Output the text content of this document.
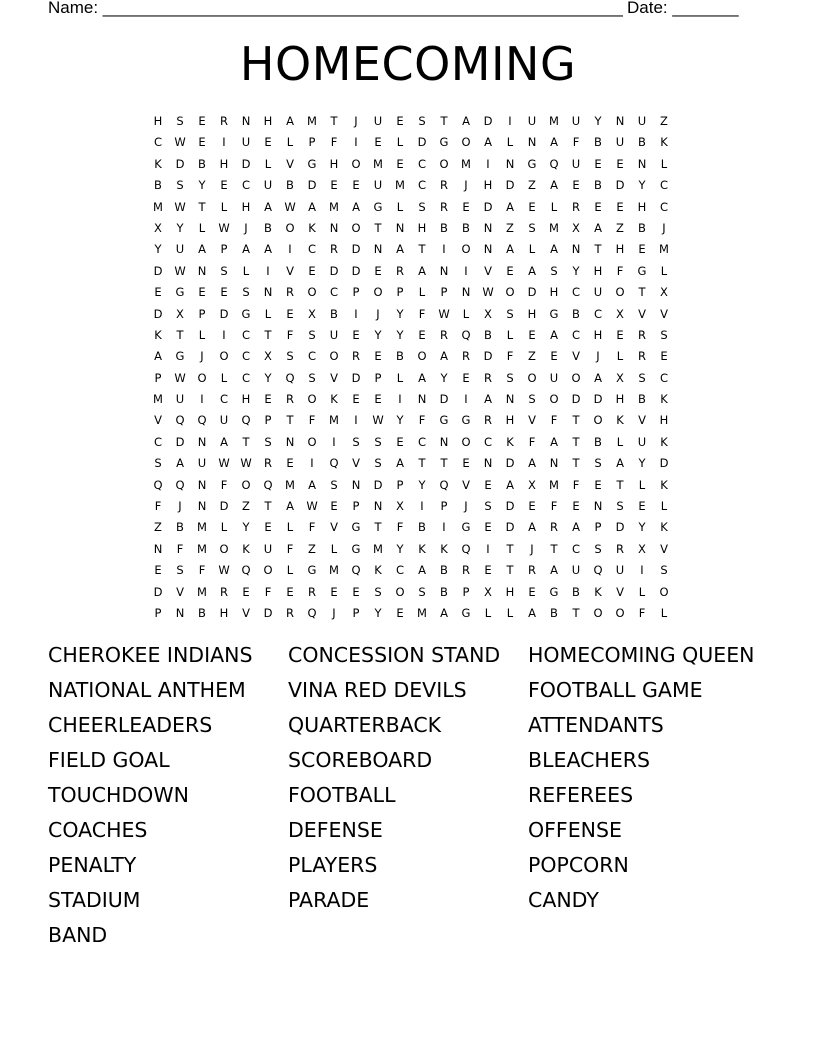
Name: _______________________________________________________ Date: _______
HOMECOMING
H	S	E	R	N	H	A	M	T	J	U	E	S	T	A	D	I	U	M	U	Y	N	U	Z
C	W	E	I	U	E	L	P	F	I	E	L	D	G	O	A	L	N	A	F	B	U	B	K
K	D	B	H	D	L	V	G	H	O	M	E	C	O	M	I	N	G	Q	U	E	E	N	L
B	S	Y	E	C	U	B	D	E	E	U	M	C	R	J	H	D	Z	A	E	B	D	Y	C
M W	T	L	H	A	W	A	M	A	G	L	S	R	E	D	A	E	L	R	E	E	H	C
X	Y	L	W	J	B	O	K	N	O	T	N	H	B	B	N	Z	S	M	X	A	Z	B	J
Y	U	A	P	A	A	I	C	R	D	N	A	T	I	O	N	A	L	A	N	T	H	E	M
D	W	N	S	L	I	V	E	D	D	E	R	A	N	I	V	E	A	S	Y	H	F	G	L
E	G	E	E	S	N	R	O	C	P	O	P	L	P	N	W	O	D	H	C	U	O	T	X
D	X	P	D	G	L	E	X	B	I	J	Y	F	W	L	X	S	H	G	B	C	X	V	V
K	T	L	I	C	T	F	S	U	E	Y	Y	E	R	Q	B	L	E	A	C	H	E	R	S
A	G	J	O	C	X	S	C	O	R	E	B	O	A	R	D	F	Z	E	V	J	L	R	E
P	W	O	L	C	Y	Q	S	V	D	P	L	A	Y	E	R	S	O	U	O	A	X	S	C
M	U	I	C	H	E	R	O	K	E	E	I	N	D	I	A	N	S	O	D	D	H	B	K
V	Q	Q	U	Q	P	T	F	M	I	W	Y	F	G	G	R	H	V	F	T	O	K	V	H
C	D	N	A	T	S	N	O	I	S	S	E	C	N	O	C	K	F	A	T	B	L	U	K
S	A	U	W W	R	E	I	Q	V	S	A	T	T	E	N	D	A	N	T	S	A	Y	D
Q	Q	N	F	O	Q	M	A	S	N	D	P	Y	Q	V	E	A	X	M	F	E	T	L	K
F	J	N	D	Z	T	A	W	E	P	N	X	I	P	J	S	D	E	F	E	N	S	E	L
Z	B	M	L	Y	E	L	F	V	G	T	F	B	I	G	E	D	A	R	A	P	D	Y	K
N	F	M	O	K	U	F	Z	L	G	M	Y	K	K	Q	I	T	J	T	C	S	R	X	V
E	S	F	W	Q	O	L	G	M	Q	K	C	A	B	R	E	T	R	A	U	Q	U	I	S
D	V	M	R	E	F	E	R	E	E	S	O	S	B	P	X	H	E	G	B	K	V	L	O
P	N	B	H	V	D	R	Q	J	P	Y	E	M	A	G	L	L	A	B	T	O	O	F	L
CHEROKEE INDIANS	CONCESSION STAND	HOMECOMING QUEEN
NATIONAL ANTHEM	VINA RED DEVILS	FOOTBALL GAME
CHEERLEADERS	QUARTERBACK	ATTENDANTS
FIELD GOAL	SCOREBOARD	BLEACHERS
TOUCHDOWN	FOOTBALL	REFEREES
COACHES	DEFENSE	OFFENSE
PENALTY	PLAYERS	POPCORN
STADIUM	PARADE	CANDY
BAND
